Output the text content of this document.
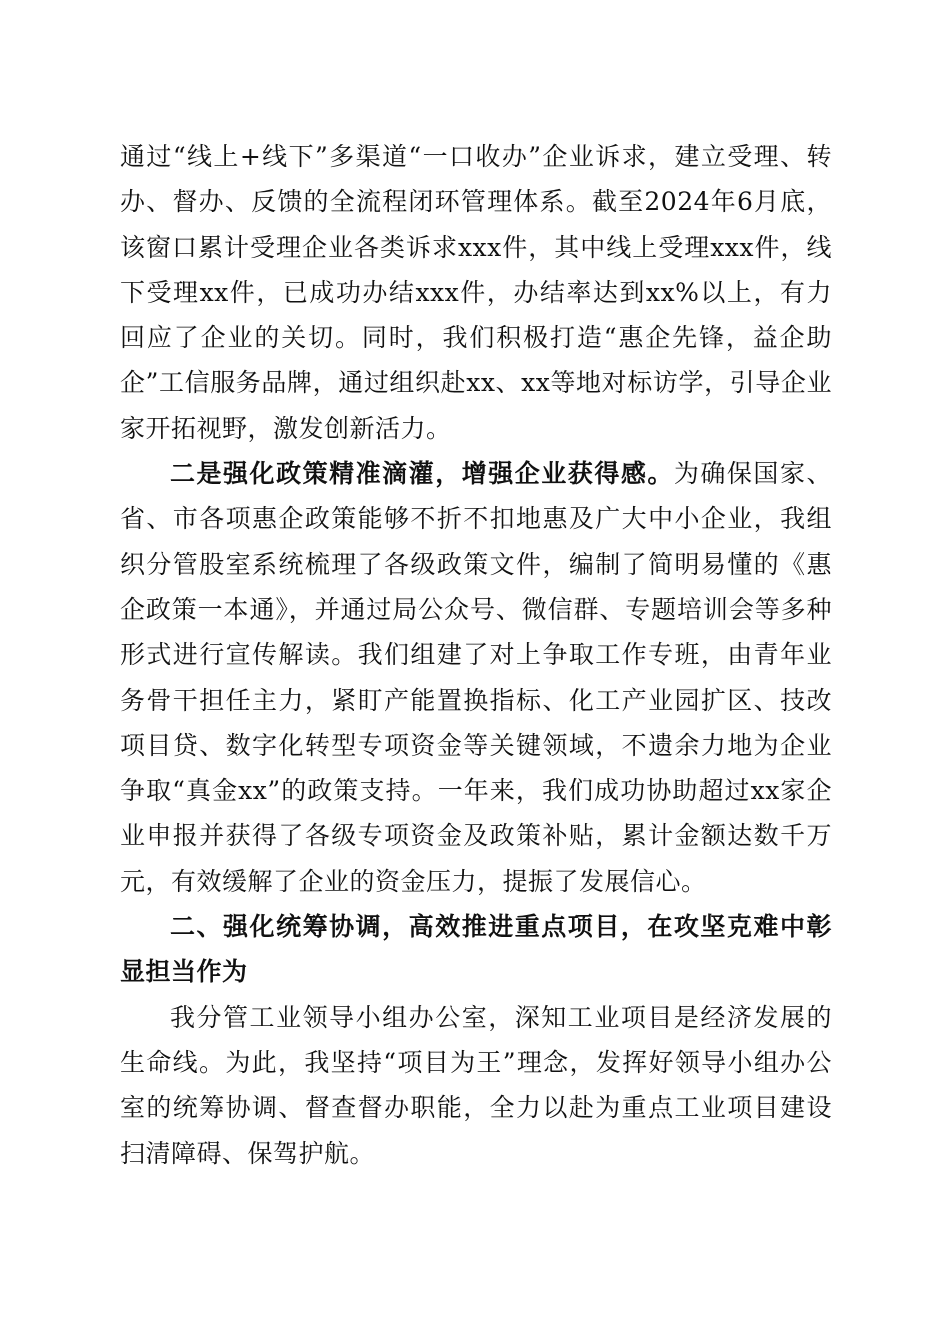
通过“线上+线下”多渠道“一口收办”企业诉求，建立受理、转办、督办、反馈的全流程闭环管理体系。截至2024年6月底，该窗口累计受理企业各类诉求xxx件，其中线上受理xxx件，线下受理xx件，已成功办结xxx件，办结率达到xx%以上，有力回应了企业的关切。同时，我们积极打造“惠企先锋，益企助企”工信服务品牌，通过组织赴xx、xx等地对标访学，引导企业家开拓视野，激发创新活力。

二是强化政策精准滴灌，增强企业获得感。为确保国家、省、市各项惠企政策能够不折不扣地惠及广大中小企业，我组织分管股室系统梳理了各级政策文件，编制了简明易懂的《惠企政策一本通》，并通过局公众号、微信群、专题培训会等多种形式进行宣传解读。我们组建了对上争取工作专班，由青年业务骨干担任主力，紧盯产能置换指标、化工产业园扩区、技改项目贷、数字化转型专项资金等关键领域，不遗余力地为企业争取“真金xx”的政策支持。一年来，我们成功协助超过xx家企业申报并获得了各级专项资金及政策补贴，累计金额达数千万元，有效缓解了企业的资金压力，提振了发展信心。

二、强化统筹协调，高效推进重点项目，在攻坚克难中彰显担当作为

我分管工业领导小组办公室，深知工业项目是经济发展的生命线。为此，我坚持“项目为王”理念，发挥好领导小组办公室的统筹协调、督查督办职能，全力以赴为重点工业项目建设扫清障碍、保驾护航。
